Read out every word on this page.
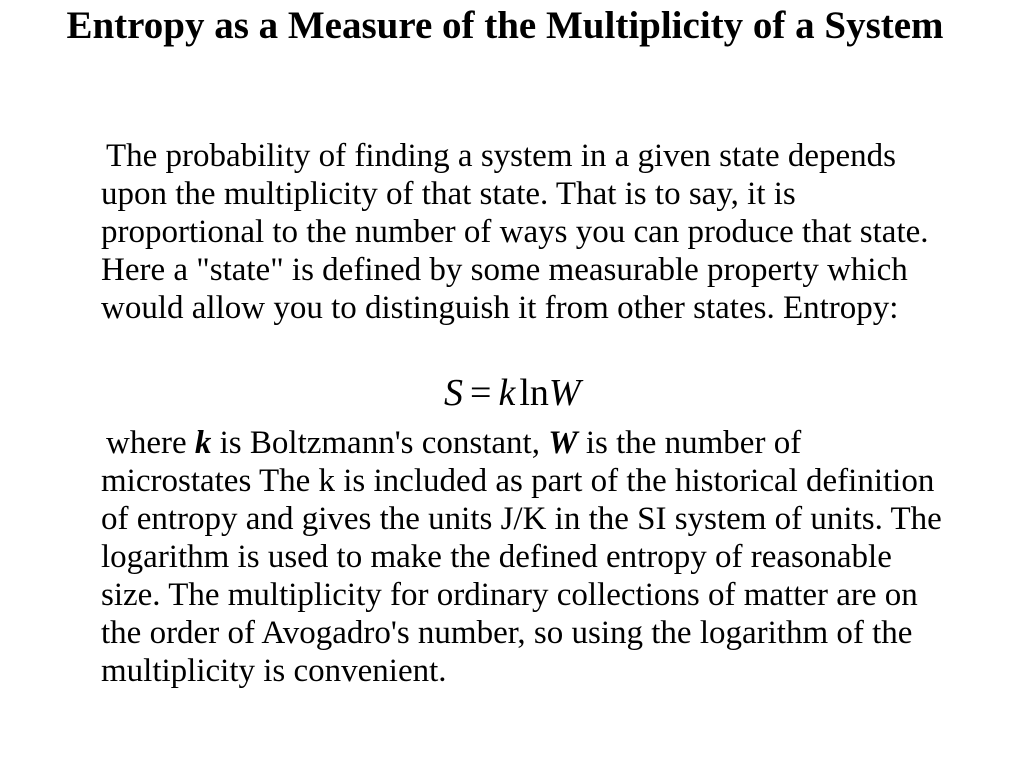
Entropy as a Measure of the Multiplicity of a System

The probability of finding a system in a given state depends upon the multiplicity of that state. That is to say, it is proportional to the number of ways you can produce that state. Here a "state" is defined by some measurable property which would allow you to distinguish it from other states. Entropy:

S = k lnW

where k is Boltzmann's constant, W is the number of microstates The k is included as part of the historical definition of entropy and gives the units J/K in the SI system of units. The logarithm is used to make the defined entropy of reasonable size. The multiplicity for ordinary collections of matter are on the order of Avogadro's number, so using the logarithm of the multiplicity is convenient.
